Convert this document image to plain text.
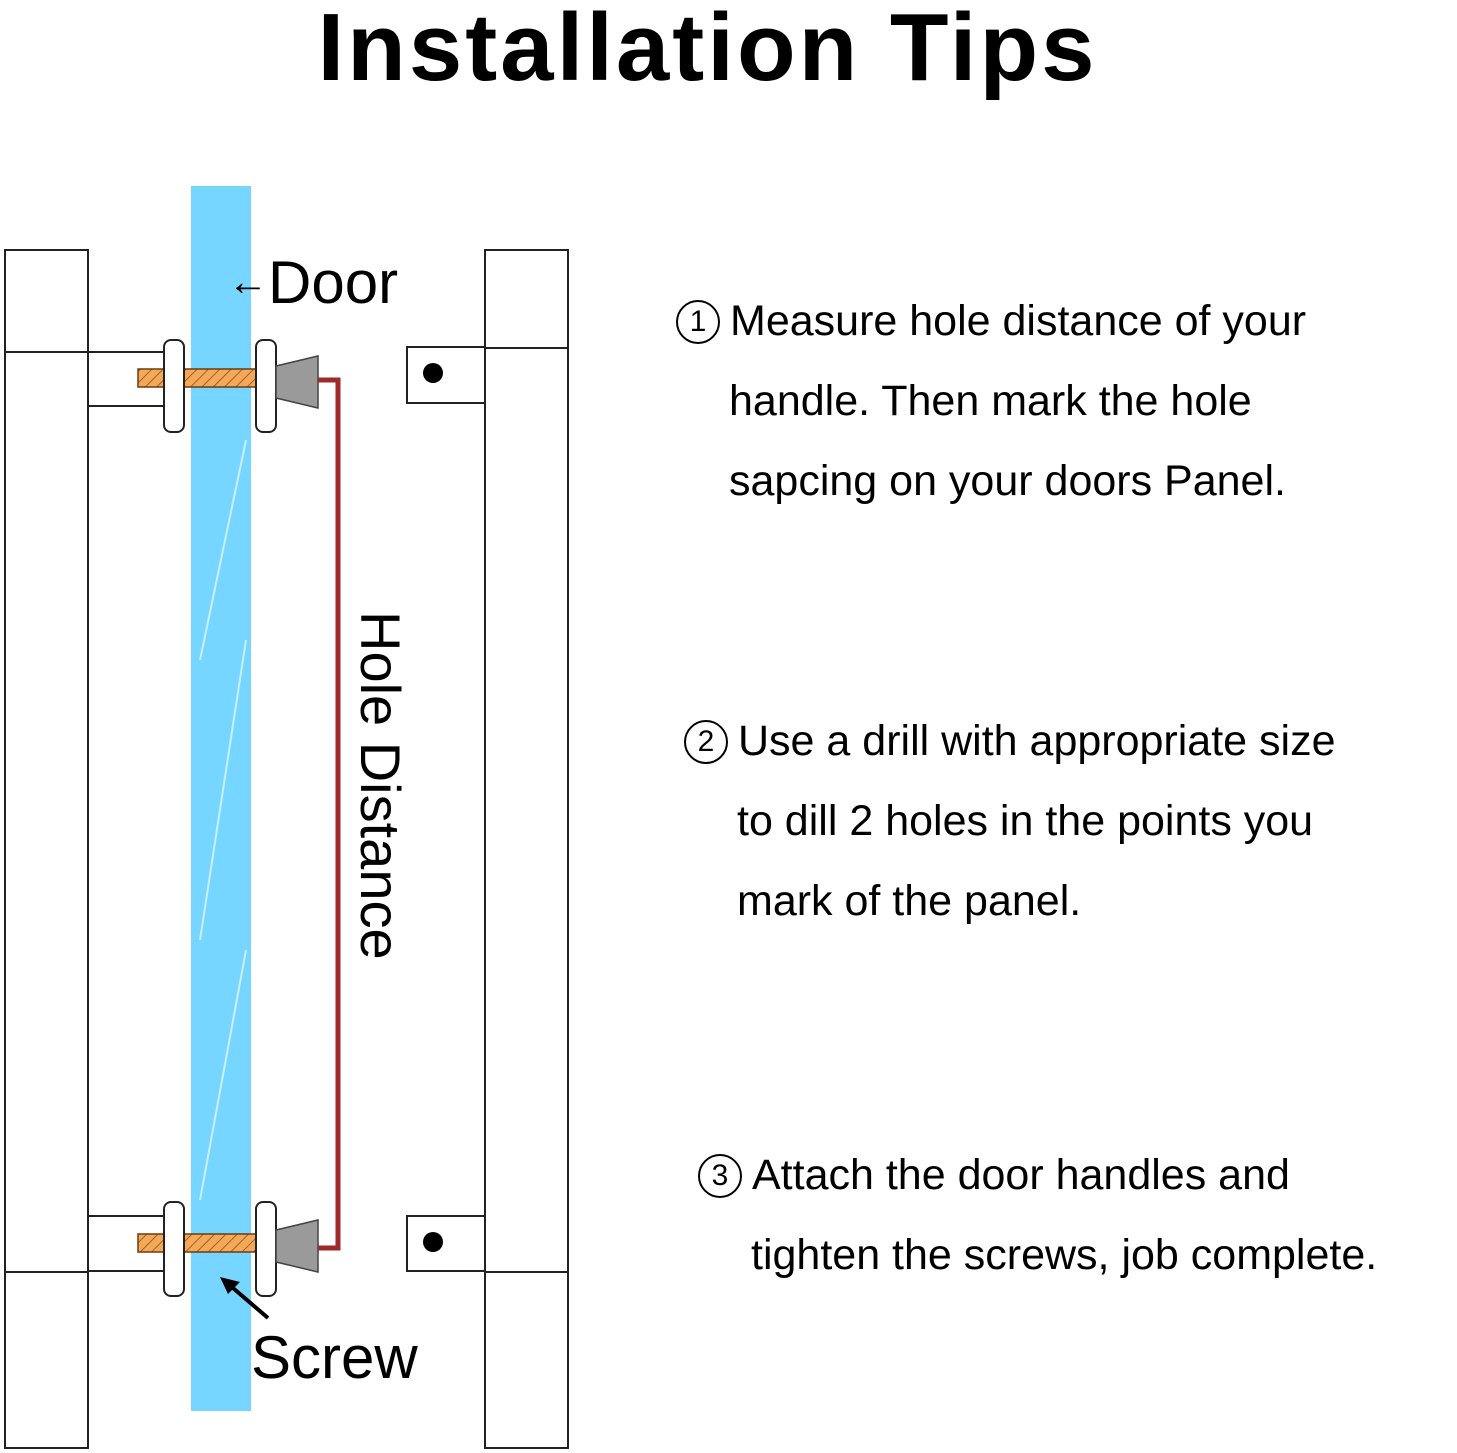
Installation Tips
←Door
Hole Distance
Screw
1 Measure hole distance of your
handle. Then mark the hole
sapcing on your doors Panel.
2 Use a drill with appropriate size
to dill 2 holes in the points you
mark of the panel.
3 Attach the door handles and
tighten the screws, job complete.
